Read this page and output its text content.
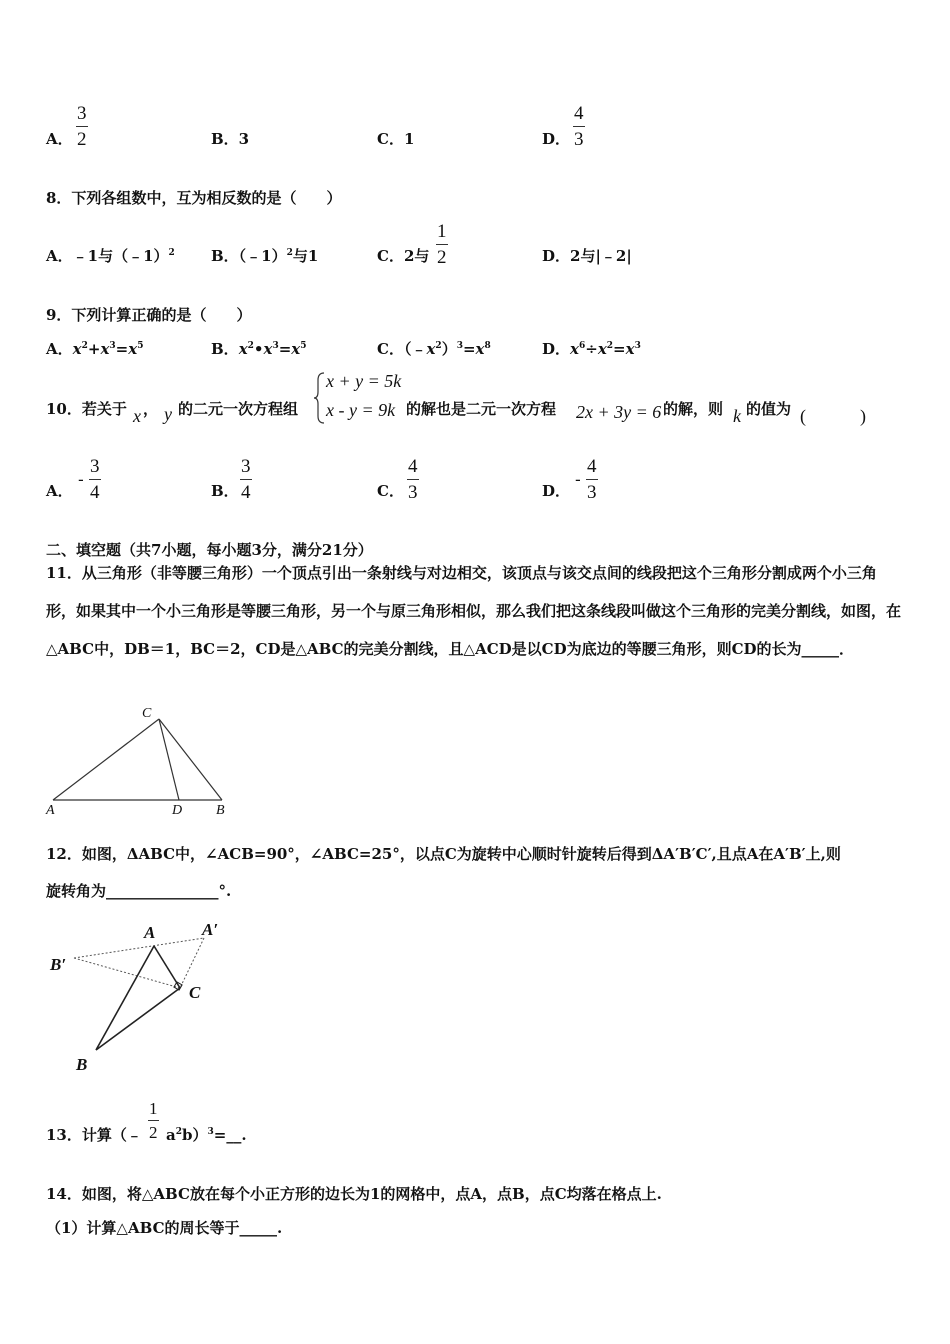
A． $\frac{3}{2}$	B．3	C．1	D． $\frac{4}{3}$
8．下列各组数中，互为相反数的是（　　）
A．﹣1与（﹣1）$^2$ B．（﹣1）$^2$与1	C．2与 $\frac{1}{2}$	D．2与|﹣2|
9．下列计算正确的是（　　）
A．$x^2+x^3=x^5$	B．$x^2•x^3=x^5$	C．$(﹣x^2)^3=x^8$	D．$x^6\div x^2=x^3$
10．若关于 x ， y 的二元一次方程组
x + y = 5k
x - y = 9k 的解也是二元一次方程 2x + 3y = 6 的解，则 k 的值为 (　　　)
A．
- $\frac{3}{4}$	B． $\frac{3}{4}$	C． $\frac{4}{3}$	D．
- $\frac{4}{3}$
二、填空题（共7小题，每小题3分，满分21分）
11．从三角形（非等腰三角形）一个顶点引出一条射线与对边相交，该顶点与该交点间的线段把这个三角形分割成两个小三角形，如果其中一个小三角形是等腰三角形，另一个与原三角形相似，那么我们把这条线段叫做这个三角形的完美分割线，如图，在△ABC中，DB＝1，BC＝2，CD是△ABC的完美分割线，且△ACD是以CD为底边的等腰三角形，则CD的长为_____．
C
A	D B
12．如图，ΔABC中，∠ACB=90°，∠ABC=25°，以点C为旋转中心顺时针旋转后得到ΔA′B′C′,且点A在A′B′上,则
旋转角为_______________°.
A	A′
B′
C
B
13．计算（﹣ $\frac{1}{2}$ $a^2b)^3=\_\_$.
14．如图，将△ABC放在每个小正方形的边长为1的网格中，点A，点B，点C均落在格点上.
（1）计算△ABC的周长等于_____.
